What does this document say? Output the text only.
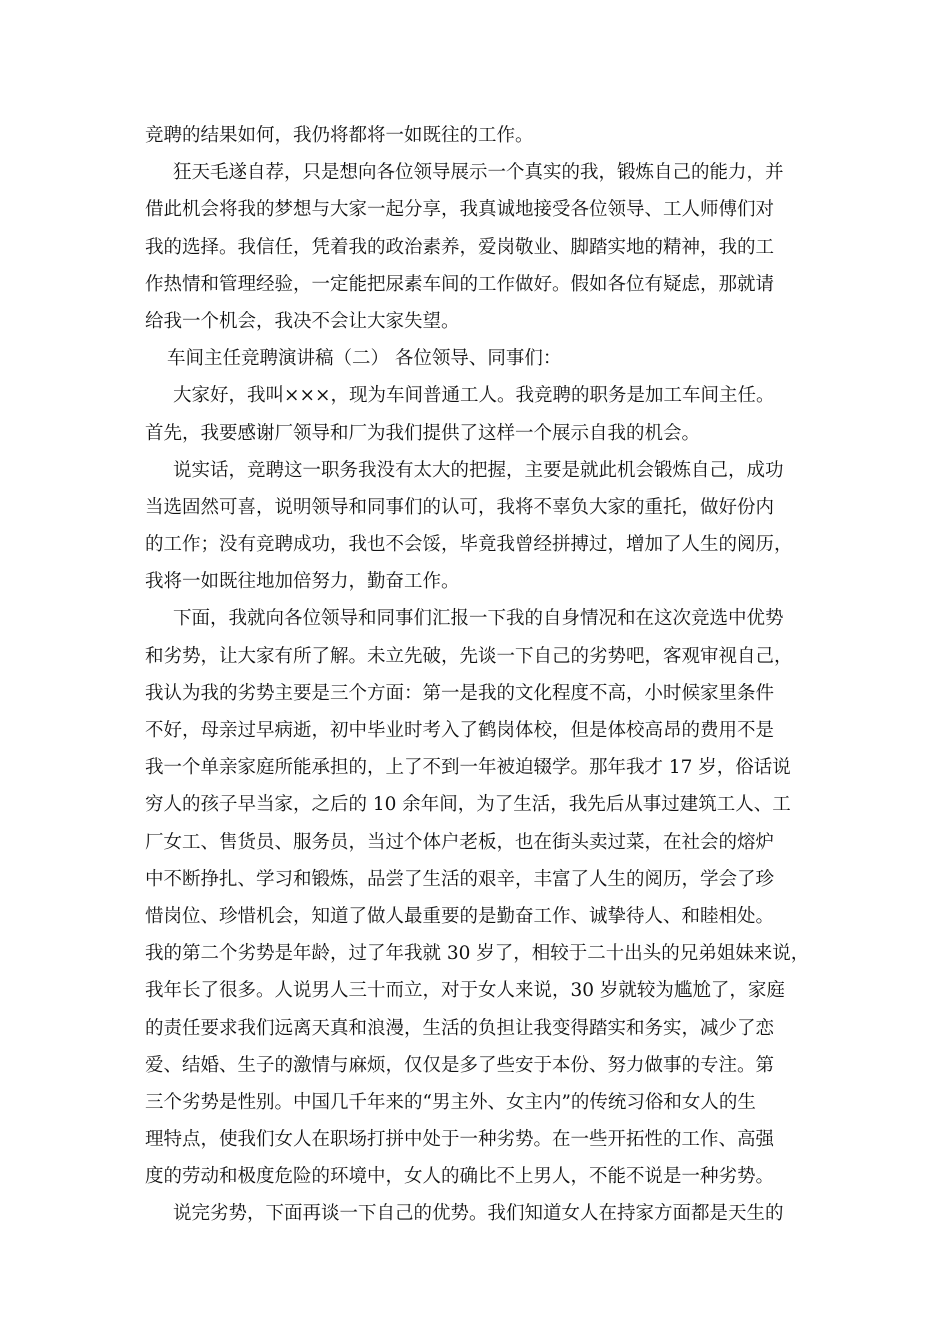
竞聘的结果如何，我仍将都将一如既往的工作。
狂天毛遂自荐，只是想向各位领导展示一个真实的我，锻炼自己的能力，并
借此机会将我的梦想与大家一起分享，我真诚地接受各位领导、工人师傅们对
我的选择。我信任，凭着我的政治素养，爱岗敬业、脚踏实地的精神，我的工
作热情和管理经验，一定能把尿素车间的工作做好。假如各位有疑虑，那就请
给我一个机会，我决不会让大家失望。
车间主任竞聘演讲稿（二） 各位领导、同事们：
大家好，我叫×××，现为车间普通工人。我竞聘的职务是加工车间主任。
首先，我要感谢厂领导和厂为我们提供了这样一个展示自我的机会。
说实话，竞聘这一职务我没有太大的把握，主要是就此机会锻炼自己，成功
当选固然可喜，说明领导和同事们的认可，我将不辜负大家的重托，做好份内
的工作；没有竞聘成功，我也不会馁，毕竟我曾经拼搏过，增加了人生的阅历，
我将一如既往地加倍努力，勤奋工作。
下面，我就向各位领导和同事们汇报一下我的自身情况和在这次竞选中优势
和劣势，让大家有所了解。未立先破，先谈一下自己的劣势吧，客观审视自己，
我认为我的劣势主要是三个方面：第一是我的文化程度不高，小时候家里条件
不好，母亲过早病逝，初中毕业时考入了鹤岗体校，但是体校高昂的费用不是
我一个单亲家庭所能承担的，上了不到一年被迫辍学。那年我才 17 岁，俗话说
穷人的孩子早当家，之后的 10 余年间，为了生活，我先后从事过建筑工人、工
厂女工、售货员、服务员，当过个体户老板，也在街头卖过菜，在社会的熔炉
中不断挣扎、学习和锻炼，品尝了生活的艰辛，丰富了人生的阅历，学会了珍
惜岗位、珍惜机会，知道了做人最重要的是勤奋工作、诚挚待人、和睦相处。
我的第二个劣势是年龄，过了年我就 30 岁了，相较于二十出头的兄弟姐妹来说，
我年长了很多。人说男人三十而立，对于女人来说，30 岁就较为尴尬了，家庭
的责任要求我们远离天真和浪漫，生活的负担让我变得踏实和务实，减少了恋
爱、结婚、生子的激情与麻烦，仅仅是多了些安于本份、努力做事的专注。第
三个劣势是性别。中国几千年来的“男主外、女主内”的传统习俗和女人的生
理特点，使我们女人在职场打拼中处于一种劣势。在一些开拓性的工作、高强
度的劳动和极度危险的环境中，女人的确比不上男人，不能不说是一种劣势。
说完劣势，下面再谈一下自己的优势。我们知道女人在持家方面都是天生的
